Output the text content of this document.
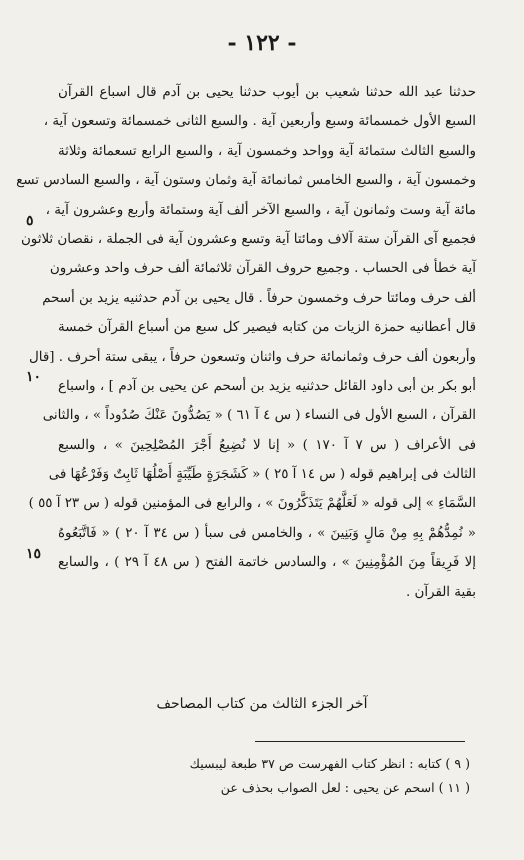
- ١٢٢ -
حدثنا عبد الله حدثنا شعيب بن أيوب حدثنا يحيى بن آدم قال اسباع القرآن
السبع الأول خمسمائة وسبع وأربعين آية . والسبع الثانى خمسمائة وتسعون آية ،
والسبع الثالث ستمائة آية وواحد وخمسون آية ، والسبع الرابع تسعمائة وثلاثة
وخمسون آية ، والسبع الخامس ثمانمائة آية وثمان وستون آية ، والسبع السادس تسع
مائة آية وست وثمانون آية ، والسبع الآخر ألف آية وستمائة وأربع وعشرون آية ،
فجميع آى القرآن ستة آلاف ومائتا آية وتسع وعشرون آية فى الجملة ، نقصان ثلاثون
آية خطأ فى الحساب . وجميع حروف القرآن ثلاثمائة ألف حرف واحد وعشرون
ألف حرف ومائتا حرف وخمسون حرفاً . قال يحيى بن آدم حدثنيه يزيد بن أسحم
قال أعطانيه حمزة الزيات من كتابه فيصير كل سبع من أسباع القرآن خمسة
وأربعون ألف حرف وثمانمائة حرف واثنان وتسعون حرفاً ، يبقى ستة أحرف . [قال
أبو بكر بن أبى داود القائل حدثنيه يزيد بن أسحم عن يحيى بن آدم ] ، واسباع
القرآن ، السبع الأول فى النساء ( س ٤ آ ٦١ ) « يَصُدُّونَ عَنْكَ صُدُوداً » ، والثانى
فى الأعراف ( س ٧ آ ١٧٠ ) « إنا لا نُضِيعُ أَجْرَ المُصْلِحِينَ » ، والسبع
الثالث فى إبراهيم قوله ( س ١٤ آ ٢٥ ) « كَشَجَرَةٍ طَيِّبَةٍ أَصْلُهَا ثَابِتٌ وَفَرْعُهَا فى
السَّمَاءِ » إلى قوله « لَعَلَّهُمْ يَتَذَكَّرُونَ » ، والرابع فى المؤمنين قوله ( س ٢٣ آ ٥٥ )
« نُمِدُّهُمْ بِهِ مِنْ مَالٍ وَبَنِينَ » ، والخامس فى سبأ ( س ٣٤ آ ٢٠ ) « فَاتَّبَعُوهُ
إلا فَرِيقاً مِنَ المُؤْمِنِينَ » ، والسادس خاتمة الفتح ( س ٤٨ آ ٢٩ ) ، والسابع
بقية القرآن .
٥
١٠
١٥
آخر الجزء الثالث من كتاب المصاحف
( ٩ ) كتابه : انظر كتاب الفهرست ص ٣٧ طبعة ليبسيك
( ١١ ) اسحم عن يحيى : لعل الصواب بحذف عن
